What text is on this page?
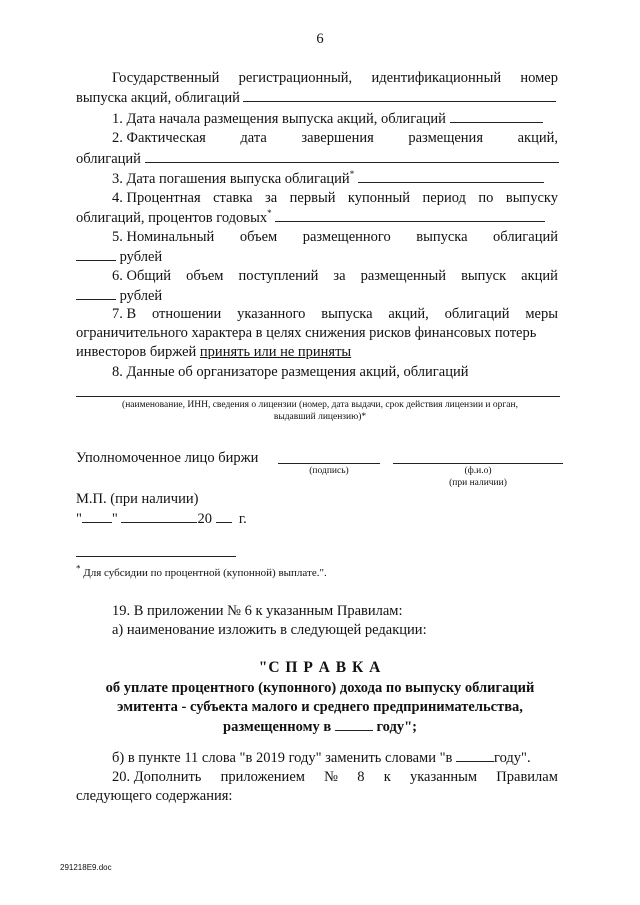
6
Государственный регистрационный, идентификационный номер
выпуска акций, облигаций
1. Дата начала размещения выпуска акций, облигаций
2. Фактическая дата завершения размещения акций,
облигаций
3. Дата погашения выпуска облигаций*
4. Процентная ставка за первый купонный период по выпуску
облигаций, процентов годовых*
5. Номинальный объем размещенного выпуска облигаций
рублей
6. Общий объем поступлений за размещенный выпуск акций
рублей
7. В отношении указанного выпуска акций, облигаций меры
ограничительного характера в целях снижения рисков финансовых потерь
инвесторов биржей принять или не приняты
8. Данные об организаторе размещения акций, облигаций
(наименование, ИНН, сведения о лицензии (номер, дата выдачи, срок действия лицензии и орган,
выдавший лицензию)*
Уполномоченное лицо биржи
(подпись)	(ф.и.о)
(при наличии)
М.П. (при наличии)
" "	20 г.
* Для субсидии по процентной (купонной) выплате.".
19. В приложении № 6 к указанным Правилам:
а) наименование изложить в следующей редакции:
"С П Р А В К А
об уплате процентного (купонного) дохода по выпуску облигаций
эмитента - субъекта малого и среднего предпринимательства,
размещенному в	году";
б) в пункте 11 слова "в 2019 году" заменить словами "в	году".
20. Дополнить приложением № 8 к указанным Правилам
следующего содержания:
291218Е9.doc
